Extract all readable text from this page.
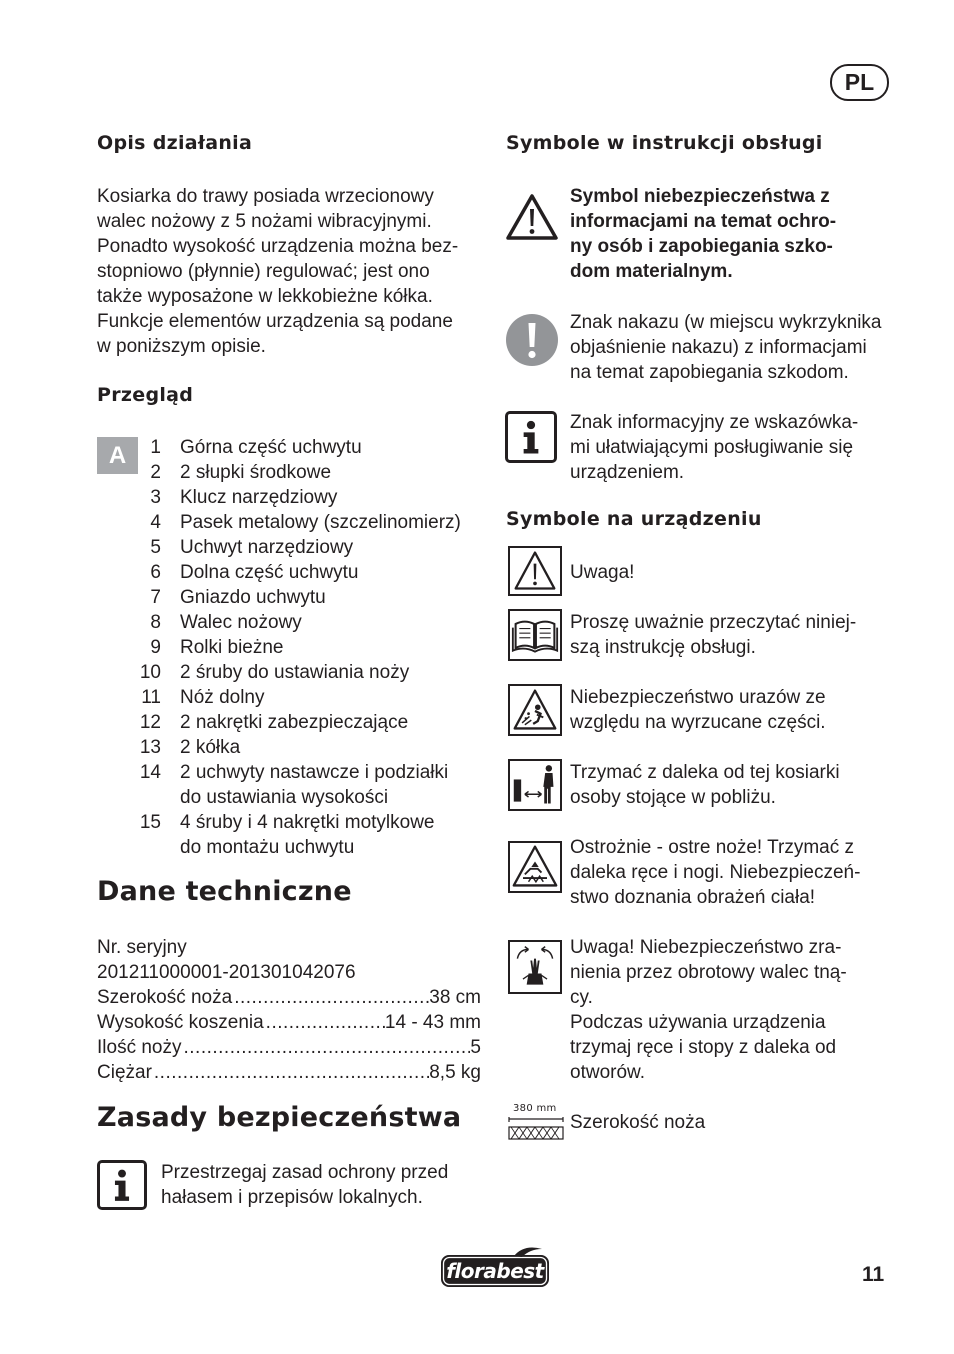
PL
Opis działania
Kosiarka do trawy posiada wrzecionowy
walec nożowy z 5 nożami wibracyjnymi.
Ponadto wysokość urządzenia można bez-
stopniowo (płynnie) regulować; jest ono
także wyposażone w lekkobieżne kółka.
Funkcje elementów urządzenia są podane
w poniższym opisie.
Przegląd
A	1 Górna część uchwytu
2 2 słupki środkowe
3 Klucz narzędziowy
4 Pasek metalowy (szczelinomierz)
5 Uchwyt narzędziowy
6 Dolna część uchwytu
7 Gniazdo uchwytu
8 Walec nożowy
9 Rolki bieżne
10 2 śruby do ustawiania noży
11 Nóż dolny
12 2 nakrętki zabezpieczające
13 2 kółka
14 2 uchwyty nastawcze i podziałki
do ustawiania wysokości
15 4 śruby i 4 nakrętki motylkowe
do montażu uchwytu
Dane techniczne
Nr. seryjny
201211000001-201301042076
Szerokość noża .....	38 cm
Wysokość koszenia .....	14 - 43 mm
Ilość noży .....	5
Ciężar .....	8,5 kg
Zasady bezpieczeństwa
Przestrzegaj zasad ochrony przed
hałasem i przepisów lokalnych.
Symbole w instrukcji obsługi
Symbol niebezpieczeństwa z
informacjami na temat ochro-
ny osób i zapobiegania szko-
dom materialnym.
Znak nakazu (w miejscu wykrzyknika
objaśnienie nakazu) z informacjami
na temat zapobiegania szkodom.
Znak informacyjny ze wskazówka-
mi ułatwiającymi posługiwanie się
urządzeniem.
Symbole na urządzeniu
Uwaga!
Proszę uważnie przeczytać niniej-
szą instrukcję obsługi.
Niebezpieczeństwo urazów ze
względu na wyrzucane części.
Trzymać z daleka od tej kosiarki
osoby stojące w pobliżu.
Ostrożnie - ostre noże! Trzymać z
daleka ręce i nogi. Niebezpieczeń-
stwo doznania obrażeń ciała!
Uwaga! Niebezpieczeństwo zra-
nienia przez obrotowy walec tną-
cy.
Podczas używania urządzenia
trzymaj ręce i stopy z daleka od
otworów.
380 mm
Szerokość noża
florabest	11
